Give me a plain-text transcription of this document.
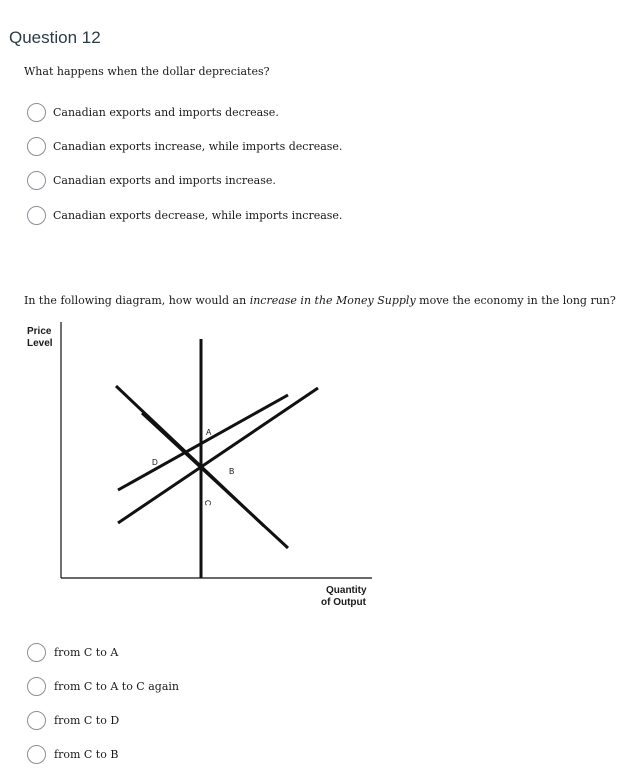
Question 12
What happens when the dollar depreciates?
Canadian exports and imports decrease.
Canadian exports increase, while imports decrease.
Canadian exports and imports increase.
Canadian exports decrease, while imports increase.
In the following diagram, how would an increase in the Money Supply move the economy in the long run?
Price
Level
A
D
B
C
Quantity
of Output
from C to A
from C to A to C again
from C to D
from C to B
